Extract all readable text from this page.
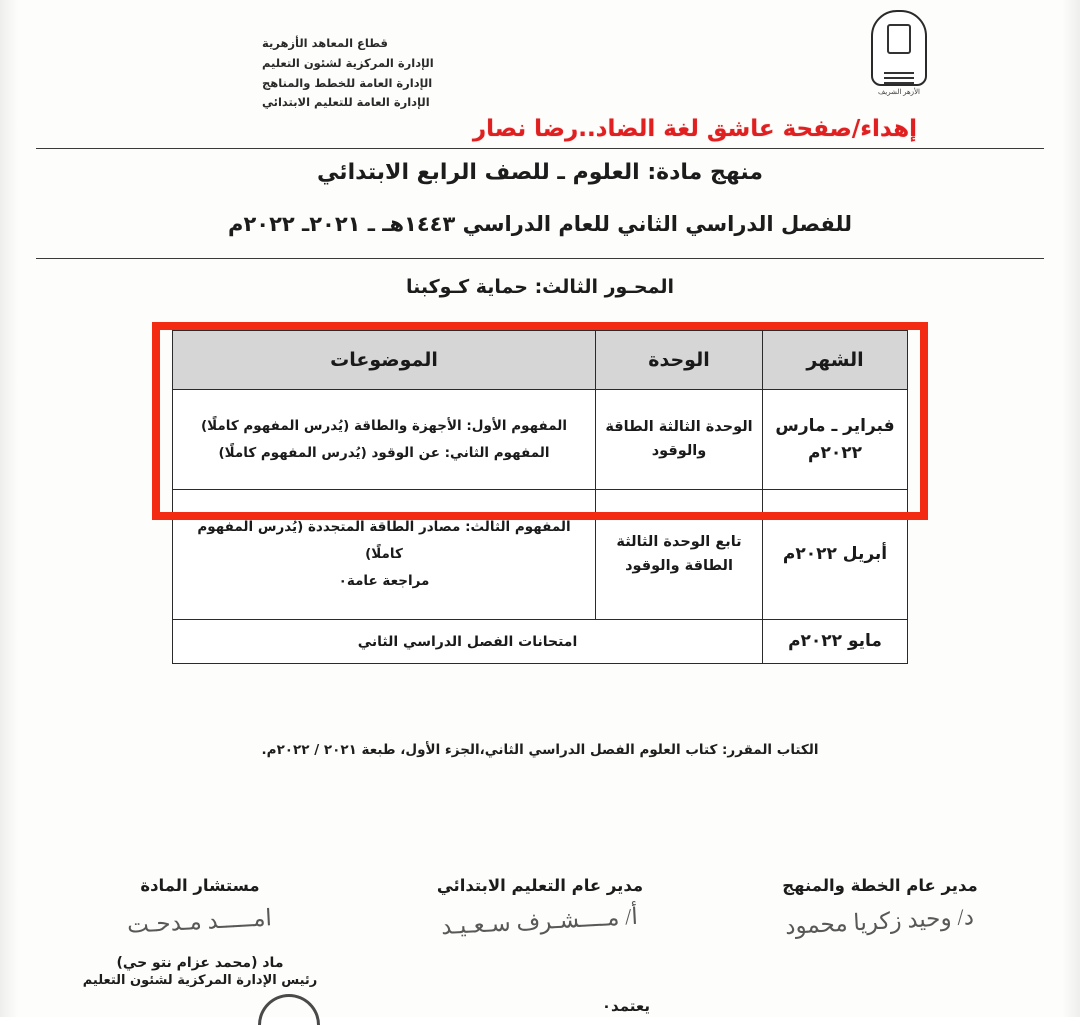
الأزهر الشريف
قطاع المعاهد الأزهرية
الإدارة المركزية لشئون التعليم
الإدارة العامة للخطط والمناهج
الإدارة العامة للتعليم الابتدائي
إهداء/صفحة عاشق لغة الضاد..رضا نصار
منهج مادة: العلوم ـ للصف الرابع الابتدائي
للفصل الدراسي الثاني للعام الدراسي ١٤٤٣هـ ـ ٢٠٢١ـ ٢٠٢٢م
المحـور الثالث: حماية كـوكبنا
الشهر	الوحدة	الموضوعات
فبراير ـ مارس ٢٠٢٢م	الوحدة الثالثة الطاقة والوقود	المفهوم الأول: الأجهزة والطاقة (يُدرس المفهوم كاملًا)
المفهوم الثاني: عن الوقود (يُدرس المفهوم كاملًا)

أبريل ٢٠٢٢م	تابع الوحدة الثالثة الطاقة والوقود	المفهوم الثالث: مصادر الطاقة المتجددة (يُدرس المفهوم كاملًا)
مراجعة عامة٠

مايو ٢٠٢٢م	امتحانات الفصل الدراسي الثاني	
الكتاب المقرر: كتاب العلوم الفصل الدراسي الثاني،الجزء الأول، طبعة ٢٠٢١ / ٢٠٢٢م.
مستشار المادة
امـــــد مـدحـت
ماد (محمد عزام نتو حي)
رئيس الإدارة المركزية لشئون التعليم
مدير عام التعليم الابتدائي
أ/ مــــشـرف سـعـيـد
مدير عام الخطة والمنهج
د/ وحيد زكريا محمود
يعتمد٠
